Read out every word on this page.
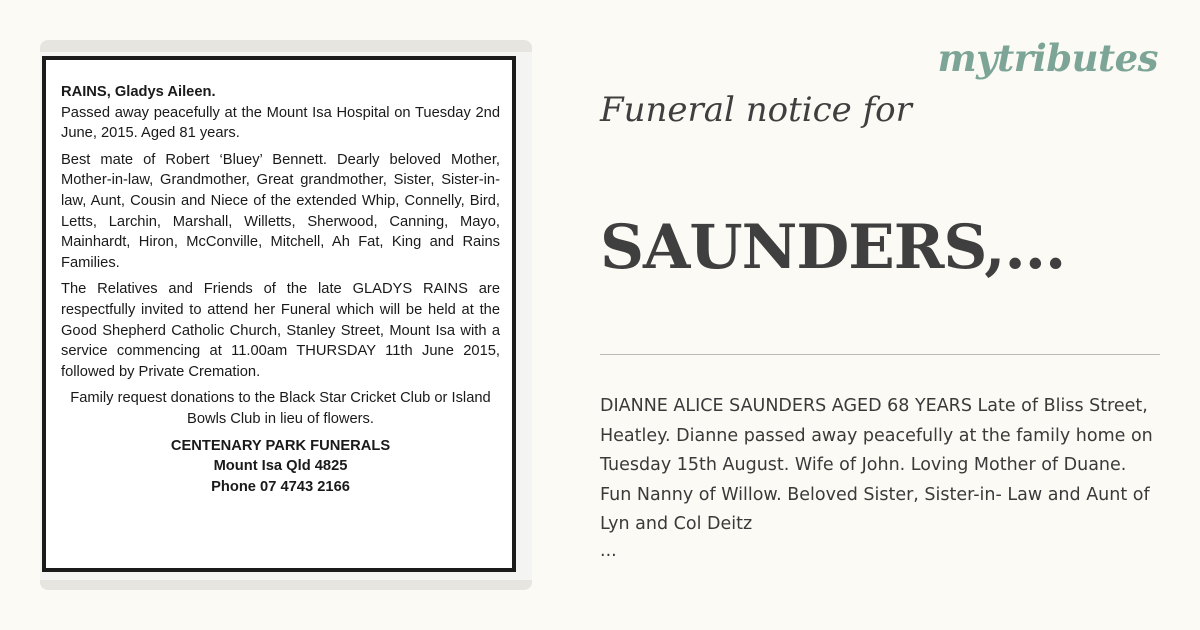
RAINS, Gladys Aileen.

Passed away peacefully at the Mount Isa Hospital on Tuesday 2nd June, 2015. Aged 81 years.

Best mate of Robert ‘Bluey’ Bennett. Dearly beloved Mother, Mother-in-law, Grandmother, Great grandmother, Sister, Sister-in-law, Aunt, Cousin and Niece of the extended Whip, Connelly, Bird, Letts, Larchin, Marshall, Willetts, Sherwood, Canning, Mayo, Mainhardt, Hiron, McConville, Mitchell, Ah Fat, King and Rains Families.

The Relatives and Friends of the late GLADYS RAINS are respectfully invited to attend her Funeral which will be held at the Good Shepherd Catholic Church, Stanley Street, Mount Isa with a service commencing at 11.00am THURSDAY 11th June 2015, followed by Private Cremation.

Family request donations to the Black Star Cricket Club or Island Bowls Club in lieu of flowers.

CENTENARY PARK FUNERALS
Mount Isa Qld 4825
Phone 07 4743 2166
mytributes
Funeral notice for
SAUNDERS,...
DIANNE ALICE SAUNDERS AGED 68 YEARS Late of Bliss Street, Heatley. Dianne passed away peacefully at the family home on Tuesday 15th August. Wife of John. Loving Mother of Duane. Fun Nanny of Willow. Beloved Sister, Sister-in- Law and Aunt of Lyn and Col Deitz
...
